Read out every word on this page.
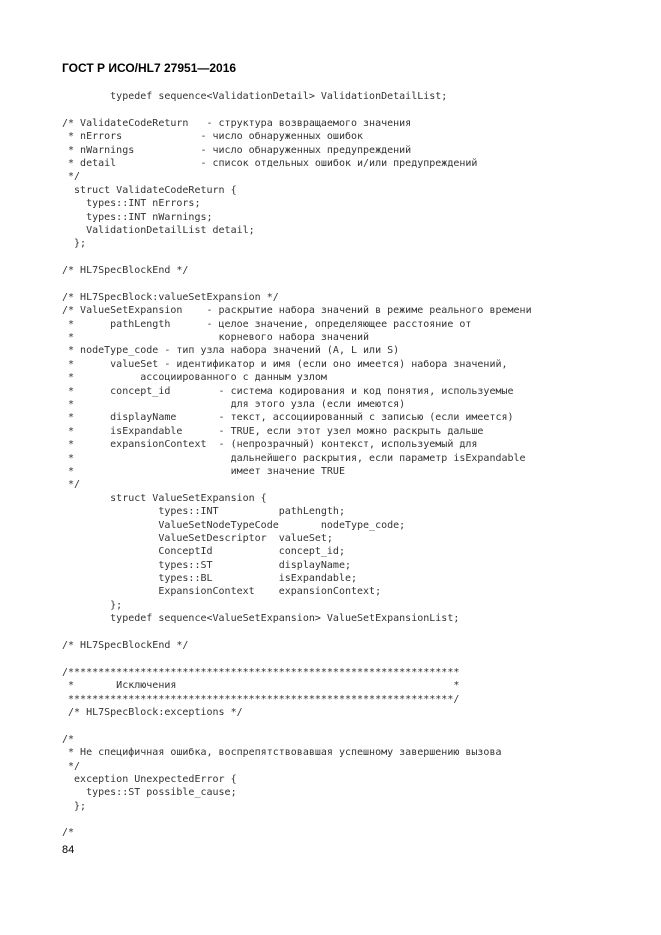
ГОСТ Р ИСО/HL7 27951—2016
typedef sequence<ValidationDetail> ValidationDetailList;
/* ValidateCodeReturn   - структура возвращаемого значения
* nErrors             - число обнаруженных ошибок
* nWarnings           - число обнаруженных предупреждений
* detail              - список отдельных ошибок и/или предупреждений
*/
struct ValidateCodeReturn {
types::INT nErrors;
types::INT nWarnings;
ValidationDetailList detail;
};
/* HL7SpecBlockEnd */
/* HL7SpecBlock:valueSetExpansion */
/* ValueSetExpansion    - раскрытие набора значений в режиме реального времени
*      pathLength      - целое значение, определяющее расстояние от
*                        корневого набора значений
* nodeType_code - тип узла набора значений (A, L или S)
*      valueSet - идентификатор и имя (если оно имеется) набора значений,
*           ассоциированного с данным узлом
*      concept_id        - система кодирования и код понятия, используемые
*                          для этого узла (если имеются)
*      displayName       - текст, ассоциированный с записью (если имеется)
*      isExpandable      - TRUE, если этот узел можно раскрыть дальше
*      expansionContext  - (непрозрачный) контекст, используемый для
*                          дальнейшего раскрытия, если параметр isExpandable
*                          имеет значение TRUE
*/
struct ValueSetExpansion {
types::INT          pathLength;
ValueSetNodeTypeCode       nodeType_code;
ValueSetDescriptor  valueSet;
ConceptId           concept_id;
types::ST           displayName;
types::BL           isExpandable;
ExpansionContext    expansionContext;
};
typedef sequence<ValueSetExpansion> ValueSetExpansionList;
/* HL7SpecBlockEnd */
/*****************************************************************
*       Исключения                                              *
****************************************************************/
/* HL7SpecBlock:exceptions */
/*
* Не специфичная ошибка, воспрепятствовавшая успешному завершению вызова
*/
exception UnexpectedError {
types::ST possible_cause;
};
/*
84
